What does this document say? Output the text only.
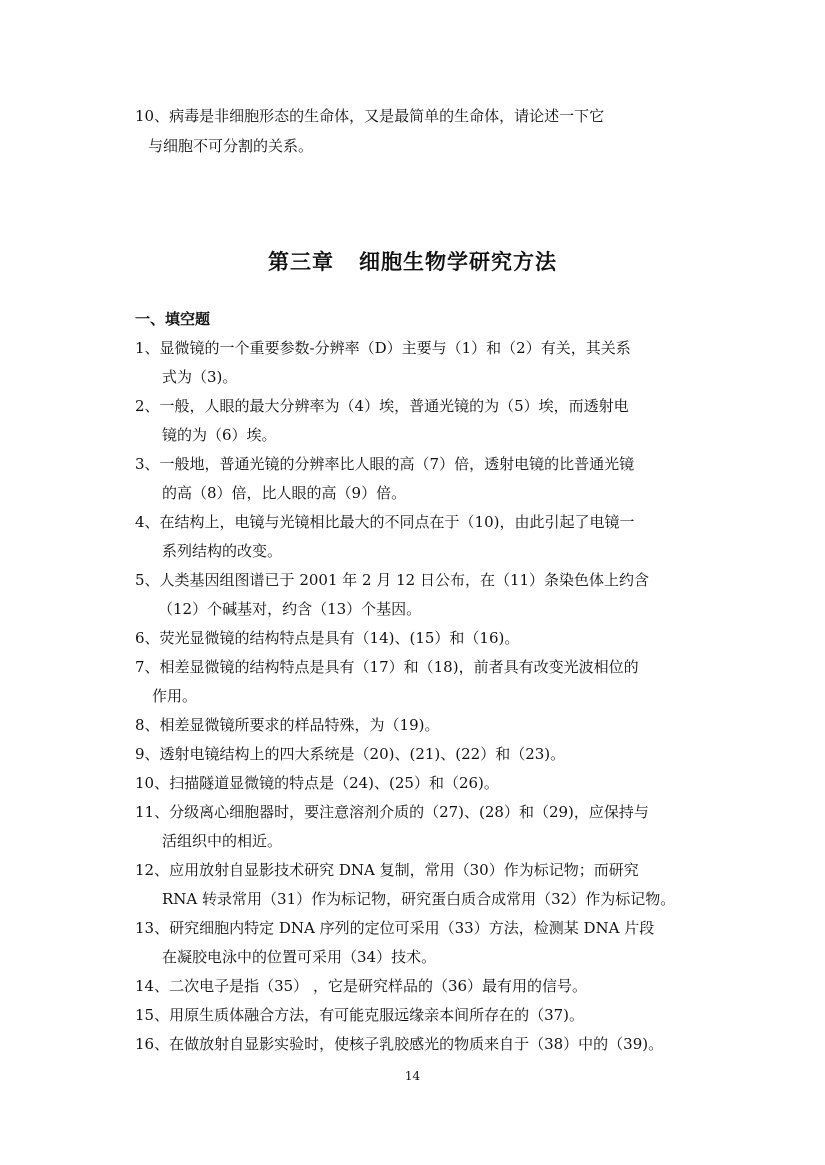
10、病毒是非细胞形态的生命体，又是最简单的生命体，请论述一下它
与细胞不可分割的关系。
第三章   细胞生物学研究方法
一、填空题
1、显微镜的一个重要参数-分辨率（D）主要与（1）和（2）有关，其关系
式为（3)。
2、一般，人眼的最大分辨率为（4）埃，普通光镜的为（5）埃，而透射电
镜的为（6）埃。
3、一般地，普通光镜的分辨率比人眼的高（7）倍，透射电镜的比普通光镜
的高（8）倍，比人眼的高（9）倍。
4、在结构上，电镜与光镜相比最大的不同点在于（10)，由此引起了电镜一
系列结构的改变。
5、人类基因组图谱已于 2001 年 2 月 12 日公布，在（11）条染色体上约含
（12）个碱基对，约含（13）个基因。
6、荧光显微镜的结构特点是具有（14)、(15）和（16)。
7、相差显微镜的结构特点是具有（17）和（18)，前者具有改变光波相位的
作用。
8、相差显微镜所要求的样品特殊，为（19)。
9、透射电镜结构上的四大系统是（20)、(21)、(22）和（23)。
10、扫描隧道显微镜的特点是（24)、(25）和（26)。
11、分级离心细胞器时，要注意溶剂介质的（27)、(28）和（29)，应保持与
活组织中的相近。
12、应用放射自显影技术研究 DNA 复制，常用（30）作为标记物；而研究
RNA 转录常用（31）作为标记物，研究蛋白质合成常用（32）作为标记物。
13、研究细胞内特定 DNA 序列的定位可采用（33）方法，检测某 DNA 片段
在凝胶电泳中的位置可采用（34）技术。
14、二次电子是指（35） ，它是研究样品的（36）最有用的信号。
15、用原生质体融合方法，有可能克服远缘亲本间所存在的（37)。
16、在做放射自显影实验时，使核子乳胶感光的物质来自于（38）中的（39)。
14
